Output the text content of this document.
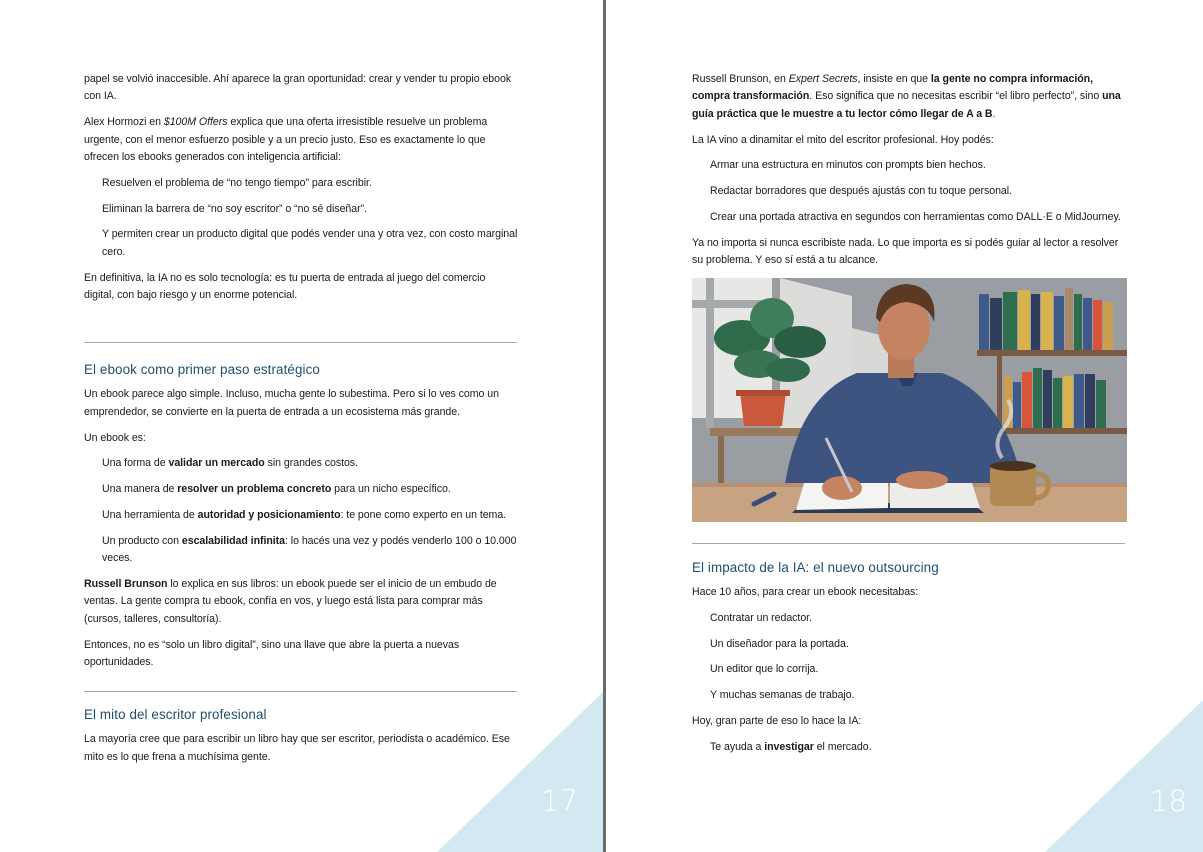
papel se volvió inaccesible. Ahí aparece la gran oportunidad: crear y vender tu propio ebook con IA.

Alex Hormozi en $100M Offers explica que una oferta irresistible resuelve un problema urgente, con el menor esfuerzo posible y a un precio justo. Eso es exactamente lo que ofrecen los ebooks generados con inteligencia artificial:

Resuelven el problema de “no tengo tiempo” para escribir.

Eliminan la barrera de “no soy escritor” o “no sé diseñar”.

Y permiten crear un producto digital que podés vender una y otra vez, con costo marginal cero.

En definitiva, la IA no es solo tecnología: es tu puerta de entrada al juego del comercio digital, con bajo riesgo y un enorme potencial.

El ebook como primer paso estratégico

Un ebook parece algo simple. Incluso, mucha gente lo subestima. Pero si lo ves como un emprendedor, se convierte en la puerta de entrada a un ecosistema más grande.

Un ebook es:

Una forma de validar un mercado sin grandes costos.

Una manera de resolver un problema concreto para un nicho específico.

Una herramienta de autoridad y posicionamiento: te pone como experto en un tema.

Un producto con escalabilidad infinita: lo hacés una vez y podés venderlo 100 o 10.000 veces.

Russell Brunson lo explica en sus libros: un ebook puede ser el inicio de un embudo de ventas. La gente compra tu ebook, confía en vos, y luego está lista para comprar más (cursos, talleres, consultoría).

Entonces, no es “solo un libro digital”, sino una llave que abre la puerta a nuevas oportunidades.

El mito del escritor profesional

La mayoría cree que para escribir un libro hay que ser escritor, periodista o académico. Ese mito es lo que frena a muchísima gente.

17

Russell Brunson, en Expert Secrets, insiste en que la gente no compra información, compra transformación. Eso significa que no necesitas escribir “el libro perfecto”, sino una guía práctica que le muestre a tu lector cómo llegar de A a B.

La IA vino a dinamitar el mito del escritor profesional. Hoy podés:

Armar una estructura en minutos con prompts bien hechos.

Redactar borradores que después ajustás con tu toque personal.

Crear una portada atractiva en segundos con herramientas como DALL·E o MidJourney.

Ya no importa si nunca escribiste nada. Lo que importa es si podés guiar al lector a resolver su problema. Y eso sí está a tu alcance.

El impacto de la IA: el nuevo outsourcing

Hace 10 años, para crear un ebook necesitabas:

Contratar un redactor.

Un diseñador para la portada.

Un editor que lo corrija.

Y muchas semanas de trabajo.

Hoy, gran parte de eso lo hace la IA:

Te ayuda a investigar el mercado.

18
